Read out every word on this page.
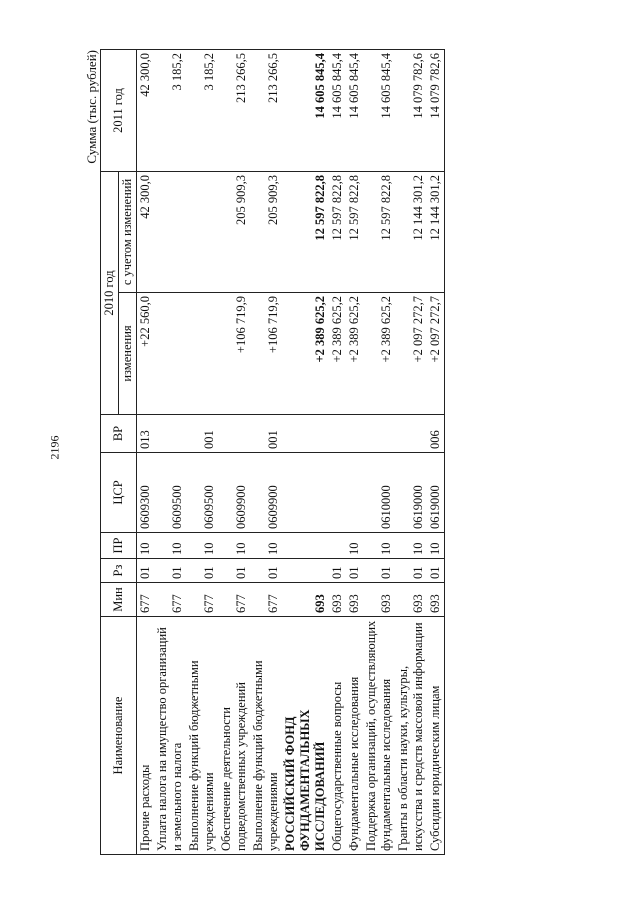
2196
Сумма (тыс. рублей)
Наименование	Мин	Рз	ПР	ЦСР	ВР	2010 год		2011 год
						изменения	с учетом изменений	
Прочие расходы	677	01	10	0609300	013	+22 560,0	42 300,0	42 300,0
Уплата налога на имущество организаций и земельного налога	677	01	10	0609500				3 185,2
Выполнение функций бюджетными учреждениями	677	01	10	0609500	001			3 185,2
Обеспечение деятельности подведомственных учреждений	677	01	10	0609900		+106 719,9	205 909,3	213 266,5
Выполнение функций бюджетными учреждениями	677	01	10	0609900	001	+106 719,9	205 909,3	213 266,5
РОССИЙСКИЙ ФОНД ФУНДАМЕНТАЛЬНЫХ ИССЛЕДОВАНИЙ	693					+2 389 625,2	12 597 822,8	14 605 845,4
Общегосударственные вопросы	693	01				+2 389 625,2	12 597 822,8	14 605 845,4
Фундаментальные исследования	693	01	10			+2 389 625,2	12 597 822,8	14 605 845,4
Поддержка организаций, осуществляющих фундаментальные исследования	693	01	10	0610000		+2 389 625,2	12 597 822,8	14 605 845,4
Гранты в области науки, культуры, искусства и средств массовой информации	693	01	10	0619000		+2 097 272,7	12 144 301,2	14 079 782,6
Субсидии юридическим лицам	693	01	10	0619000	006	+2 097 272,7	12 144 301,2	14 079 782,6
